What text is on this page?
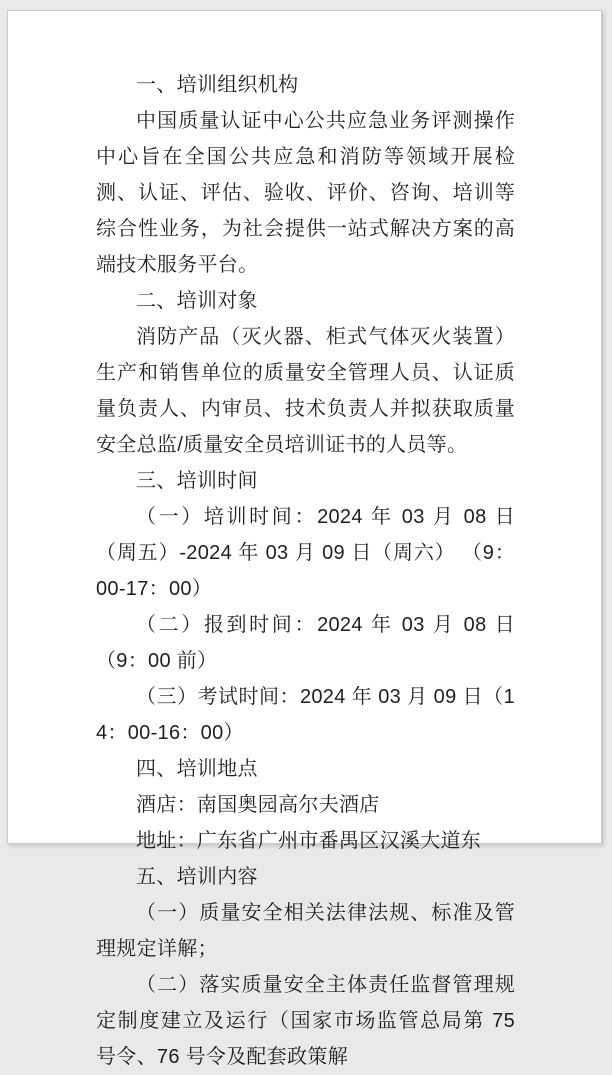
一、培训组织机构

中国质量认证中心公共应急业务评测操作中心旨在全国公共应急和消防等领域开展检测、认证、评估、验收、评价、咨询、培训等综合性业务，为社会提供一站式解决方案的高端技术服务平台。

二、培训对象

消防产品（灭火器、柜式气体灭火装置）生产和销售单位的质量安全管理人员、认证质量负责人、内审员、技术负责人并拟获取质量安全总监/质量安全员培训证书的人员等。

三、培训时间

（一）培训时间：2024 年 03 月 08 日（周五）-2024 年 03 月 09 日（周六） （9：00-17：00）

（二）报到时间：2024 年 03 月 08 日（9：00 前）

（三）考试时间：2024 年 03 月 09 日（14：00-16：00）

四、培训地点

酒店：南国奥园高尔夫酒店

地址：广东省广州市番禺区汉溪大道东

五、培训内容

（一）质量安全相关法律法规、标准及管理规定详解；

（二）落实质量安全主体责任监督管理规定制度建立及运行（国家市场监管总局第 75 号令、76 号令及配套政策解
